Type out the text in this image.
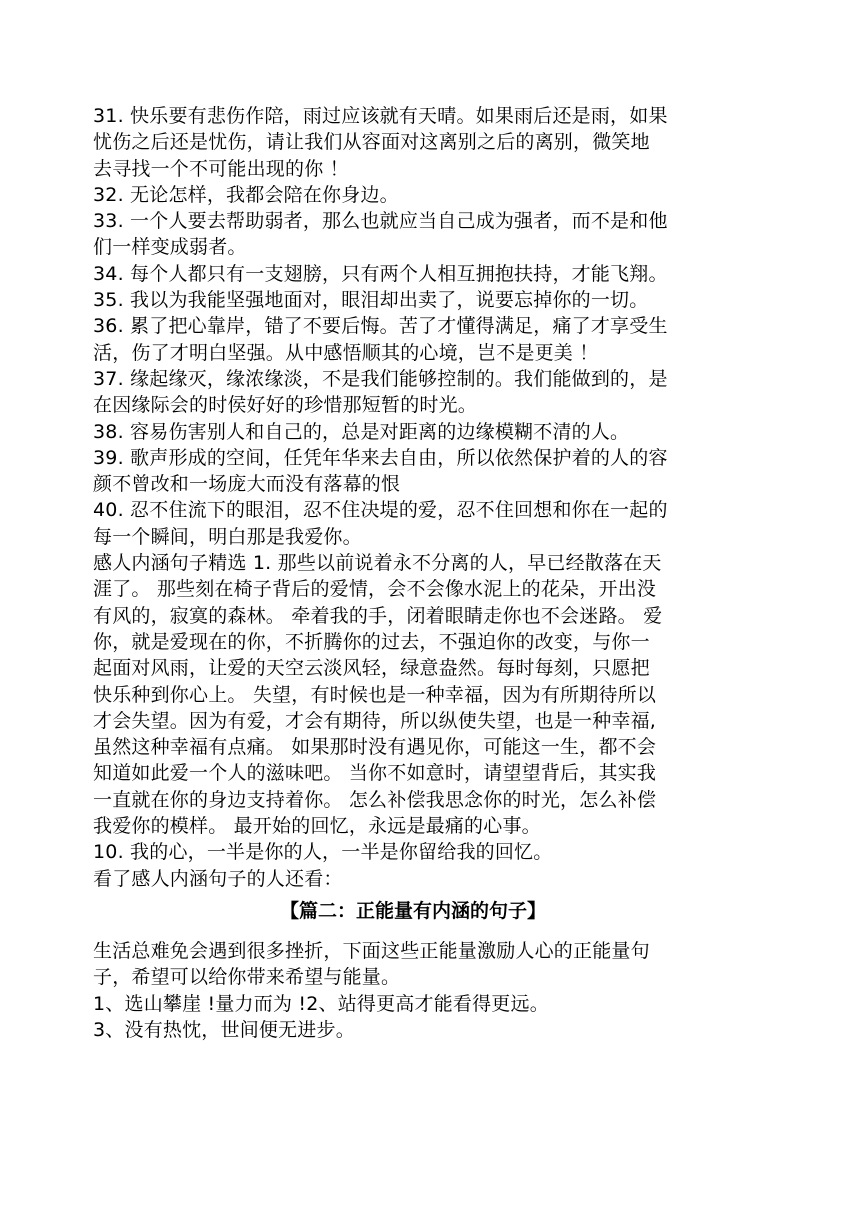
31. 快乐要有悲伤作陪，雨过应该就有天晴。如果雨后还是雨，如果
忧伤之后还是忧伤，请让我们从容面对这离别之后的离别，微笑地
去寻找一个不可能出现的你 ！
32. 无论怎样，我都会陪在你身边。
33. 一个人要去帮助弱者，那么也就应当自己成为强者，而不是和他
们一样变成弱者。
34. 每个人都只有一支翅膀，只有两个人相互拥抱扶持，才能飞翔。
35. 我以为我能坚强地面对，眼泪却出卖了，说要忘掉你的一切。
36. 累了把心靠岸，错了不要后悔。苦了才懂得满足，痛了才享受生
活，伤了才明白坚强。从中感悟顺其的心境，岂不是更美 ！
37. 缘起缘灭，缘浓缘淡，不是我们能够控制的。我们能做到的，是
在因缘际会的时侯好好的珍惜那短暂的时光。
38. 容易伤害别人和自己的，总是对距离的边缘模糊不清的人。
39. 歌声形成的空间，任凭年华来去自由，所以依然保护着的人的容
颜不曾改和一场庞大而没有落幕的恨
40. 忍不住流下的眼泪，忍不住决堤的爱，忍不住回想和你在一起的
每一个瞬间，明白那是我爱你。
感人内涵句子精选 1. 那些以前说着永不分离的人，早已经散落在天
涯了。 那些刻在椅子背后的爱情，会不会像水泥上的花朵，开出没
有风的，寂寞的森林。 牵着我的手，闭着眼睛走你也不会迷路。 爱
你，就是爱现在的你，不折腾你的过去，不强迫你的改变，与你一
起面对风雨，让爱的天空云淡风轻，绿意盎然。每时每刻，只愿把
快乐种到你心上。 失望，有时候也是一种幸福，因为有所期待所以
才会失望。因为有爱，才会有期待，所以纵使失望，也是一种幸福,
虽然这种幸福有点痛。 如果那时没有遇见你，可能这一生，都不会
知道如此爱一个人的滋味吧。 当你不如意时，请望望背后，其实我
一直就在你的身边支持着你。 怎么补偿我思念你的时光，怎么补偿
我爱你的模样。 最开始的回忆，永远是最痛的心事。
10. 我的心，一半是你的人，一半是你留给我的回忆。
看了感人内涵句子的人还看：
【篇二：正能量有内涵的句子】
生活总难免会遇到很多挫折，下面这些正能量激励人心的正能量句
子，希望可以给你带来希望与能量。
1、选山攀崖 !量力而为 !2、站得更高才能看得更远。
3、没有热忱，世间便无进步。
